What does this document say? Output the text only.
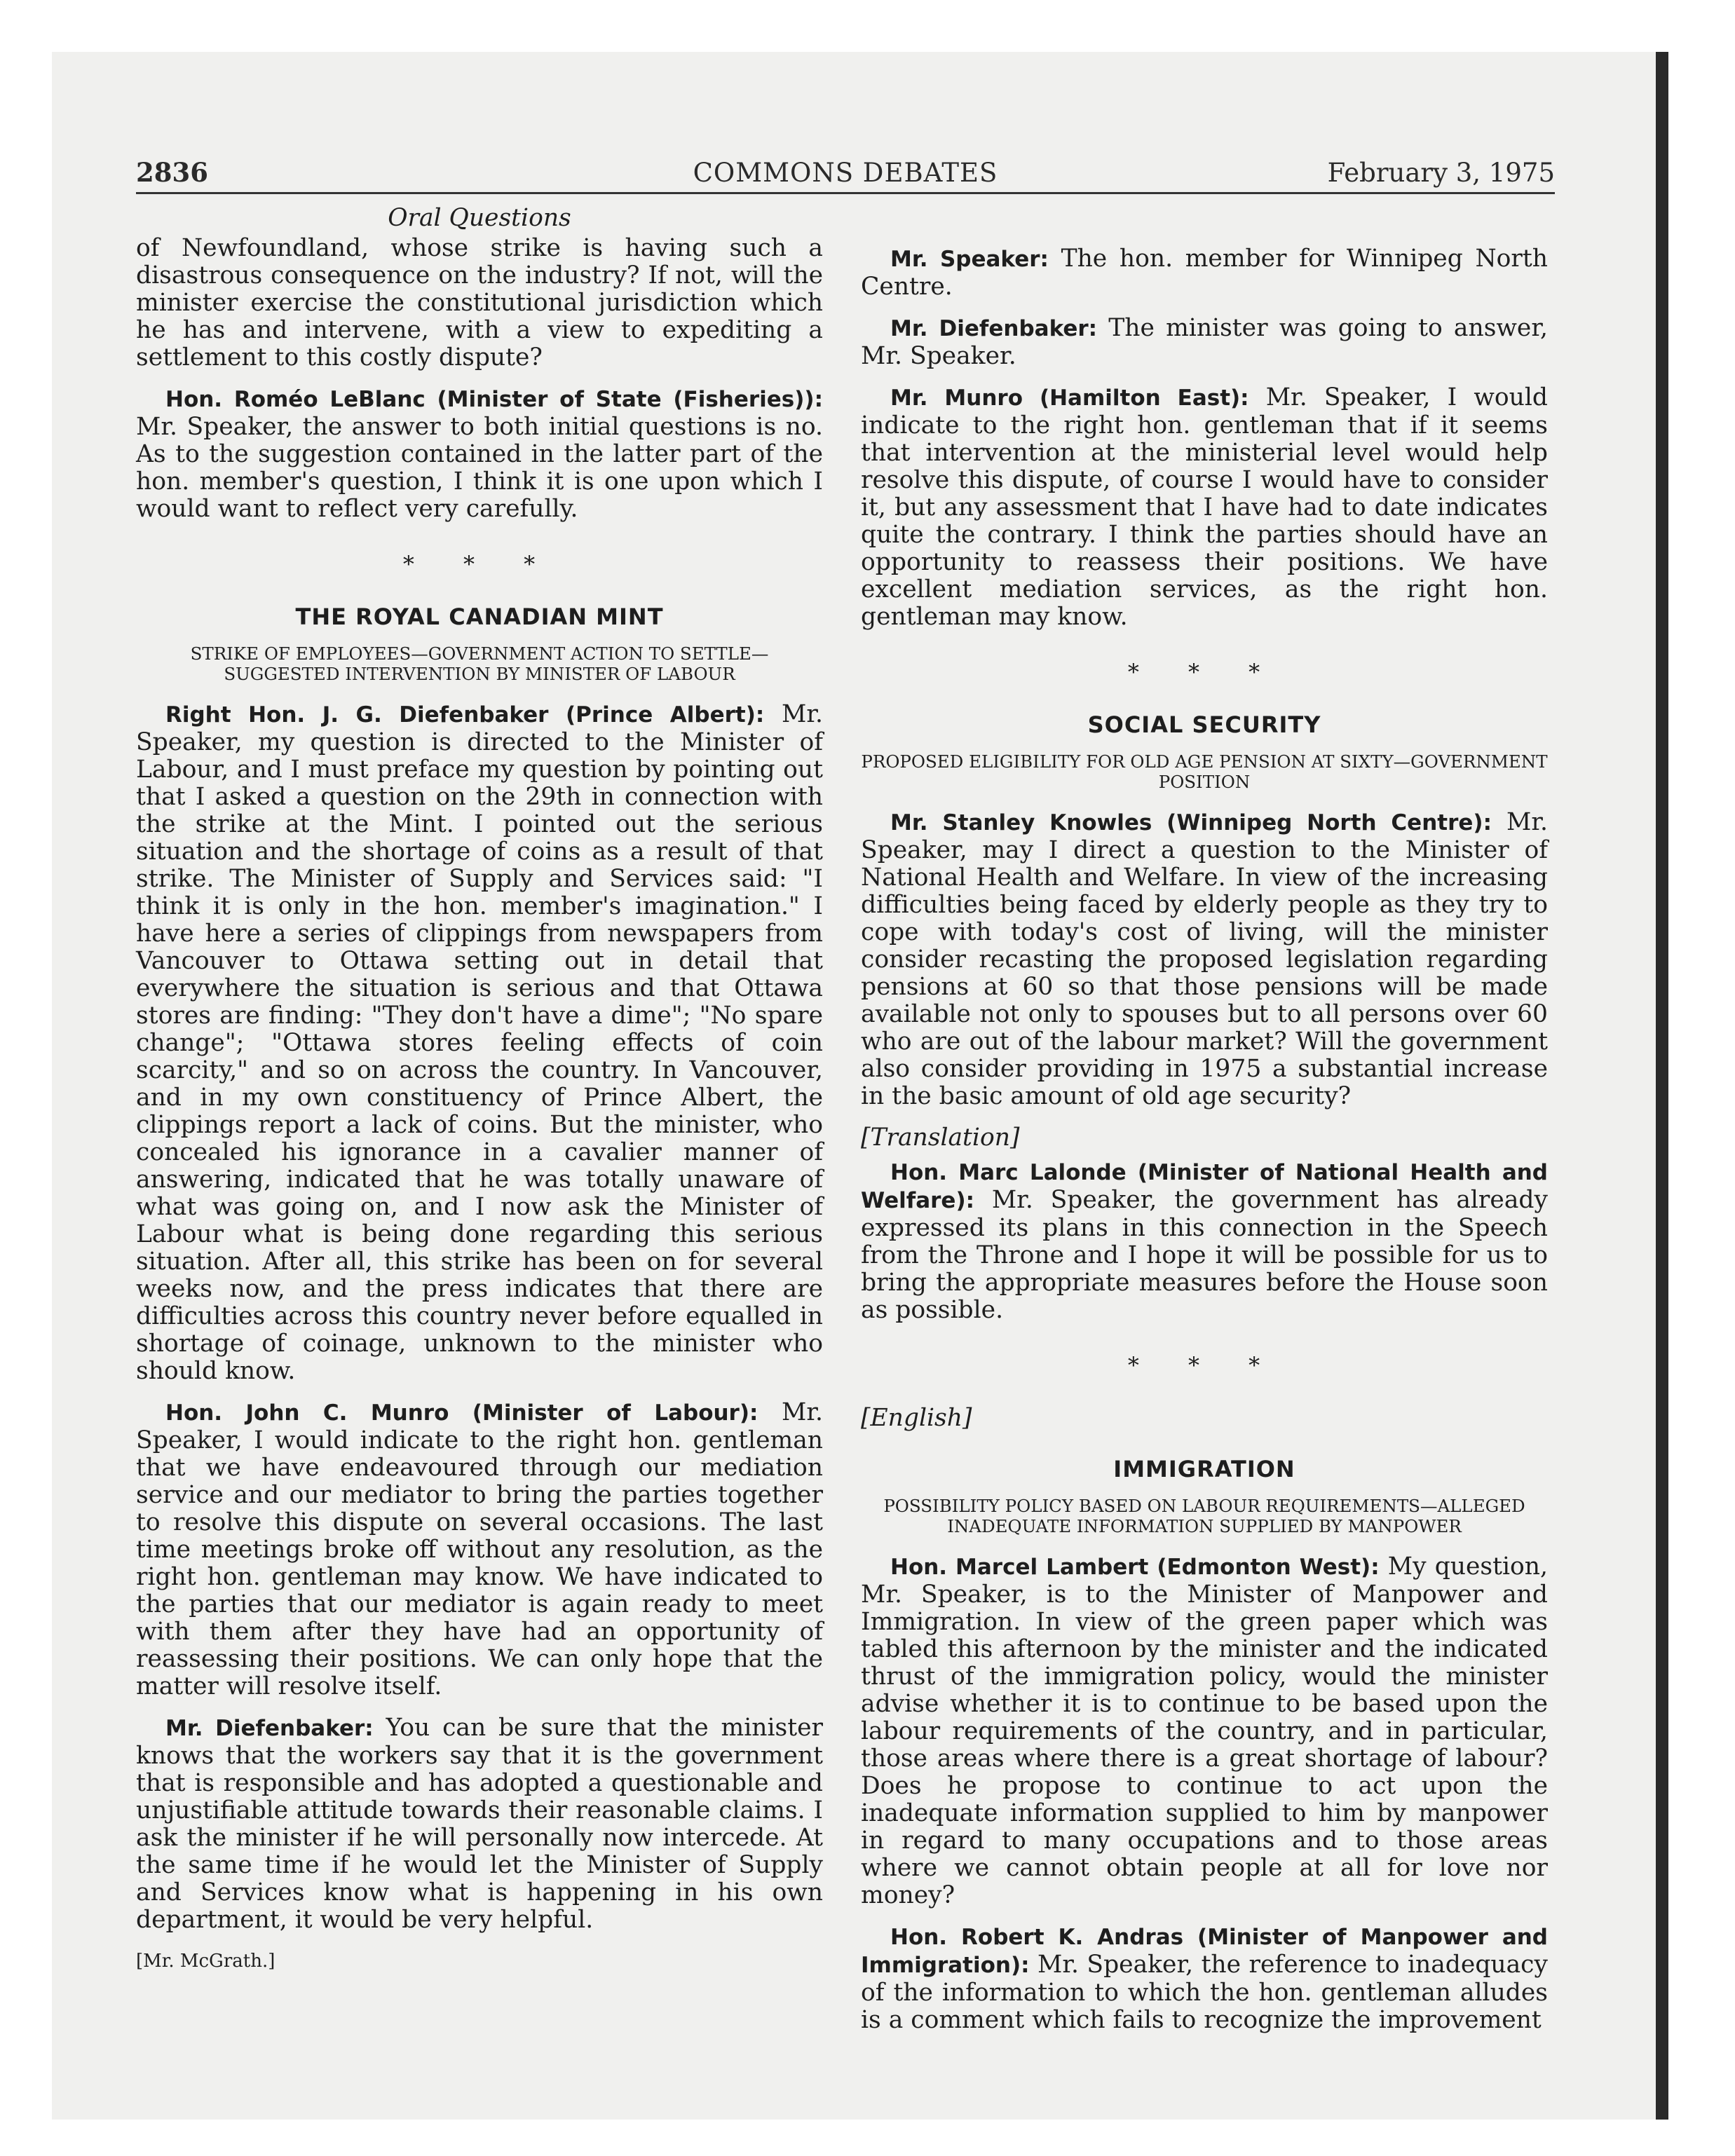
2836	COMMONS DEBATES	February 3, 1975
Oral Questions

of Newfoundland, whose strike is having such a disastrous consequence on the industry? If not, will the minister exercise the constitutional jurisdiction which he has and intervene, with a view to expediting a settlement to this costly dispute?

Hon. Roméo LeBlanc (Minister of State (Fisheries)): Mr. Speaker, the answer to both initial questions is no. As to the suggestion contained in the latter part of the hon. member's question, I think it is one upon which I would want to reflect very carefully.

* * *
THE ROYAL CANADIAN MINT
STRIKE OF EMPLOYEES—GOVERNMENT ACTION TO SETTLE—SUGGESTED INTERVENTION BY MINISTER OF LABOUR

Right Hon. J. G. Diefenbaker (Prince Albert): Mr. Speaker, my question is directed to the Minister of Labour, and I must preface my question by pointing out that I asked a question on the 29th in connection with the strike at the Mint. I pointed out the serious situation and the shortage of coins as a result of that strike. The Minister of Supply and Services said: "I think it is only in the hon. member's imagination." I have here a series of clippings from newspapers from Vancouver to Ottawa setting out in detail that everywhere the situation is serious and that Ottawa stores are finding: "They don't have a dime"; "No spare change"; "Ottawa stores feeling effects of coin scarcity," and so on across the country. In Vancouver, and in my own constituency of Prince Albert, the clippings report a lack of coins. But the minister, who concealed his ignorance in a cavalier manner of answering, indicated that he was totally unaware of what was going on, and I now ask the Minister of Labour what is being done regarding this serious situation. After all, this strike has been on for several weeks now, and the press indicates that there are difficulties across this country never before equalled in shortage of coinage, unknown to the minister who should know.

Hon. John C. Munro (Minister of Labour): Mr. Speaker, I would indicate to the right hon. gentleman that we have endeavoured through our mediation service and our mediator to bring the parties together to resolve this dispute on several occasions. The last time meetings broke off without any resolution, as the right hon. gentleman may know. We have indicated to the parties that our mediator is again ready to meet with them after they have had an opportunity of reassessing their positions. We can only hope that the matter will resolve itself.

Mr. Diefenbaker: You can be sure that the minister knows that the workers say that it is the government that is responsible and has adopted a questionable and unjustifiable attitude towards their reasonable claims. I ask the minister if he will personally now intercede. At the same time if he would let the Minister of Supply and Services know what is happening in his own department, it would be very helpful.

[Mr. McGrath.]

Mr. Speaker: The hon. member for Winnipeg North Centre.

Mr. Diefenbaker: The minister was going to answer, Mr. Speaker.

Mr. Munro (Hamilton East): Mr. Speaker, I would indicate to the right hon. gentleman that if it seems that intervention at the ministerial level would help resolve this dispute, of course I would have to consider it, but any assessment that I have had to date indicates quite the contrary. I think the parties should have an opportunity to reassess their positions. We have excellent mediation services, as the right hon. gentleman may know.

* * *
SOCIAL SECURITY
PROPOSED ELIGIBILITY FOR OLD AGE PENSION AT SIXTY—GOVERNMENT POSITION

Mr. Stanley Knowles (Winnipeg North Centre): Mr. Speaker, may I direct a question to the Minister of National Health and Welfare. In view of the increasing difficulties being faced by elderly people as they try to cope with today's cost of living, will the minister consider recasting the proposed legislation regarding pensions at 60 so that those pensions will be made available not only to spouses but to all persons over 60 who are out of the labour market? Will the government also consider providing in 1975 a substantial increase in the basic amount of old age security?

[Translation]

Hon. Marc Lalonde (Minister of National Health and Welfare): Mr. Speaker, the government has already expressed its plans in this connection in the Speech from the Throne and I hope it will be possible for us to bring the appropriate measures before the House soon as possible.

* * *
[English]
IMMIGRATION
POSSIBILITY POLICY BASED ON LABOUR REQUIREMENTS—ALLEGED INADEQUATE INFORMATION SUPPLIED BY MANPOWER

Hon. Marcel Lambert (Edmonton West): My question, Mr. Speaker, is to the Minister of Manpower and Immigration. In view of the green paper which was tabled this afternoon by the minister and the indicated thrust of the immigration policy, would the minister advise whether it is to continue to be based upon the labour requirements of the country, and in particular, those areas where there is a great shortage of labour? Does he propose to continue to act upon the inadequate information supplied to him by manpower in regard to many occupations and to those areas where we cannot obtain people at all for love nor money?

Hon. Robert K. Andras (Minister of Manpower and Immigration): Mr. Speaker, the reference to inadequacy of the information to which the hon. gentleman alludes is a comment which fails to recognize the improvement
